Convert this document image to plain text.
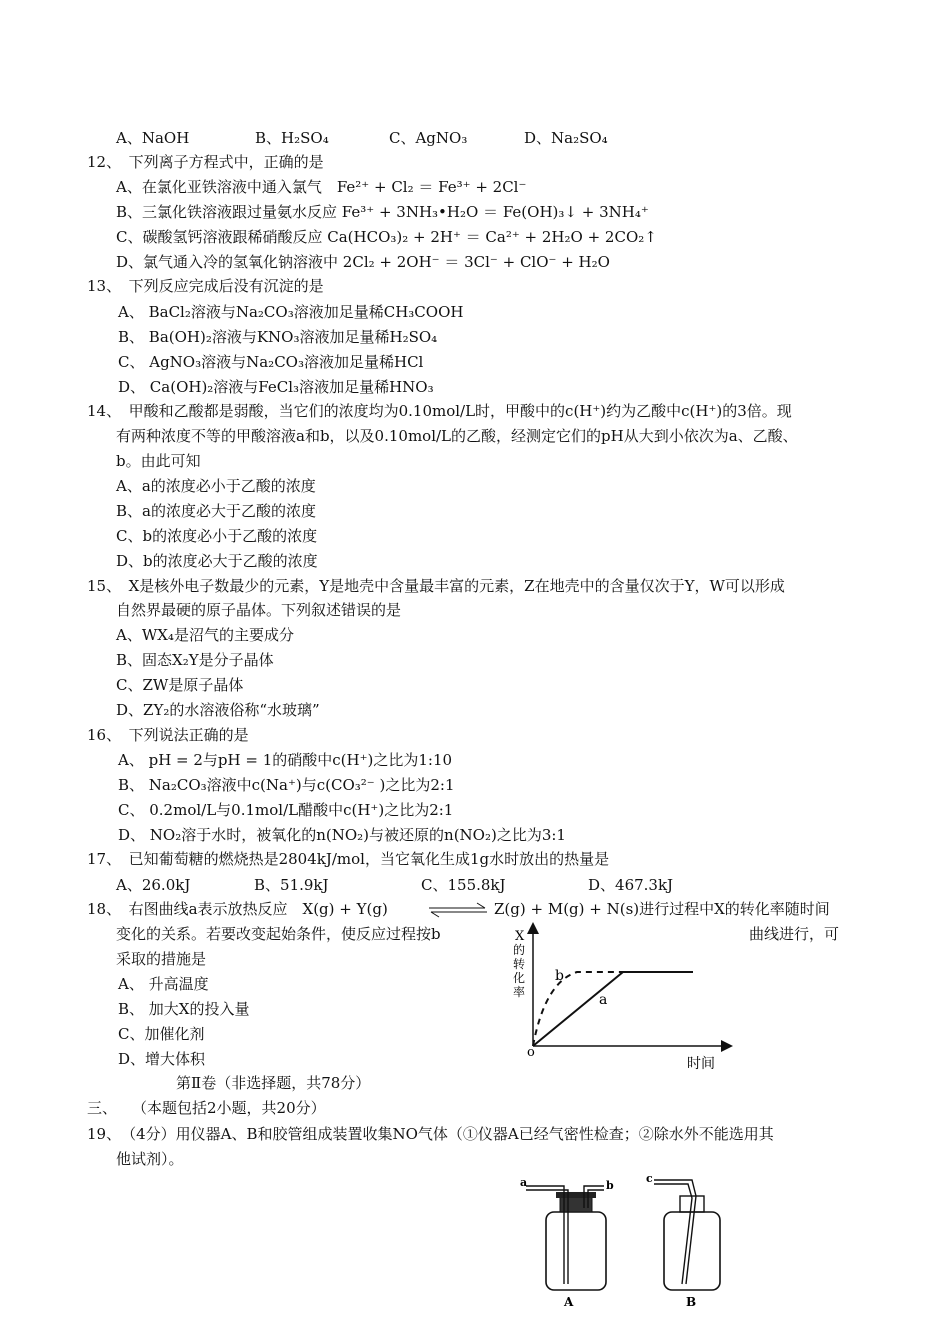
A、NaOH	B、H₂SO₄	C、AgNO₃	D、Na₂SO₄
12、　下列离子方程式中，正确的是
A、在氯化亚铁溶液中通入氯气　Fe²⁺ + Cl₂ ＝ Fe³⁺ + 2Cl⁻
B、三氯化铁溶液跟过量氨水反应 Fe³⁺ + 3NH₃•H₂O ＝ Fe(OH)₃↓ + 3NH₄⁺
C、碳酸氢钙溶液跟稀硝酸反应 Ca(HCO₃)₂ + 2H⁺ ＝ Ca²⁺ + 2H₂O + 2CO₂↑
D、氯气通入冷的氢氧化钠溶液中 2Cl₂ + 2OH⁻ ＝ 3Cl⁻ + ClO⁻ + H₂O
13、　下列反应完成后没有沉淀的是
A、 BaCl₂溶液与Na₂CO₃溶液加足量稀CH₃COOH
B、 Ba(OH)₂溶液与KNO₃溶液加足量稀H₂SO₄
C、 AgNO₃溶液与Na₂CO₃溶液加足量稀HCl
D、 Ca(OH)₂溶液与FeCl₃溶液加足量稀HNO₃
14、　甲酸和乙酸都是弱酸，当它们的浓度均为0.10mol/L时，甲酸中的c(H⁺)约为乙酸中c(H⁺)的3倍。现
有两种浓度不等的甲酸溶液a和b，以及0.10mol/L的乙酸，经测定它们的pH从大到小依次为a、乙酸、
b。由此可知
A、a的浓度必小于乙酸的浓度
B、a的浓度必大于乙酸的浓度
C、b的浓度必小于乙酸的浓度
D、b的浓度必大于乙酸的浓度
15、　X是核外电子数最少的元素，Y是地壳中含量最丰富的元素，Z在地壳中的含量仅次于Y，W可以形成
自然界最硬的原子晶体。下列叙述错误的是
A、WX₄是沼气的主要成分
B、固态X₂Y是分子晶体
C、ZW是原子晶体
D、ZY₂的水溶液俗称“水玻璃”
16、　下列说法正确的是
A、 pH = 2与pH = 1的硝酸中c(H⁺)之比为1:10
B、 Na₂CO₃溶液中c(Na⁺)与c(CO₃²⁻ )之比为2:1
C、 0.2mol/L与0.1mol/L醋酸中c(H⁺)之比为2:1
D、 NO₂溶于水时，被氧化的n(NO₂)与被还原的n(NO₂)之比为3:1
17、　已知葡萄糖的燃烧热是2804kJ/mol，当它氧化生成1g水时放出的热量是
A、26.0kJ	B、51.9kJ	C、155.8kJ	D、467.3kJ
18、　右图曲线a表示放热反应　X(g) + Y(g)	Z(g) + M(g) + N(s)进行过程中X的转化率随时间
变化的关系。若要改变起始条件，使反应过程按b	曲线进行，可
采取的措施是
A、 升高温度
B、 加大X的投入量
C、加催化剂
D、增大体积
X
的
转
化
率
o
时间
a
b
第Ⅱ卷（非选择题，共78分）
三、　　（本题包括2小题，共20分）
19、　（4分）用仪器A、B和胶管组成装置收集NO气体（①仪器A已经气密性检查；②除水外不能选用其
他试剂）。
a	b
A
c
B
